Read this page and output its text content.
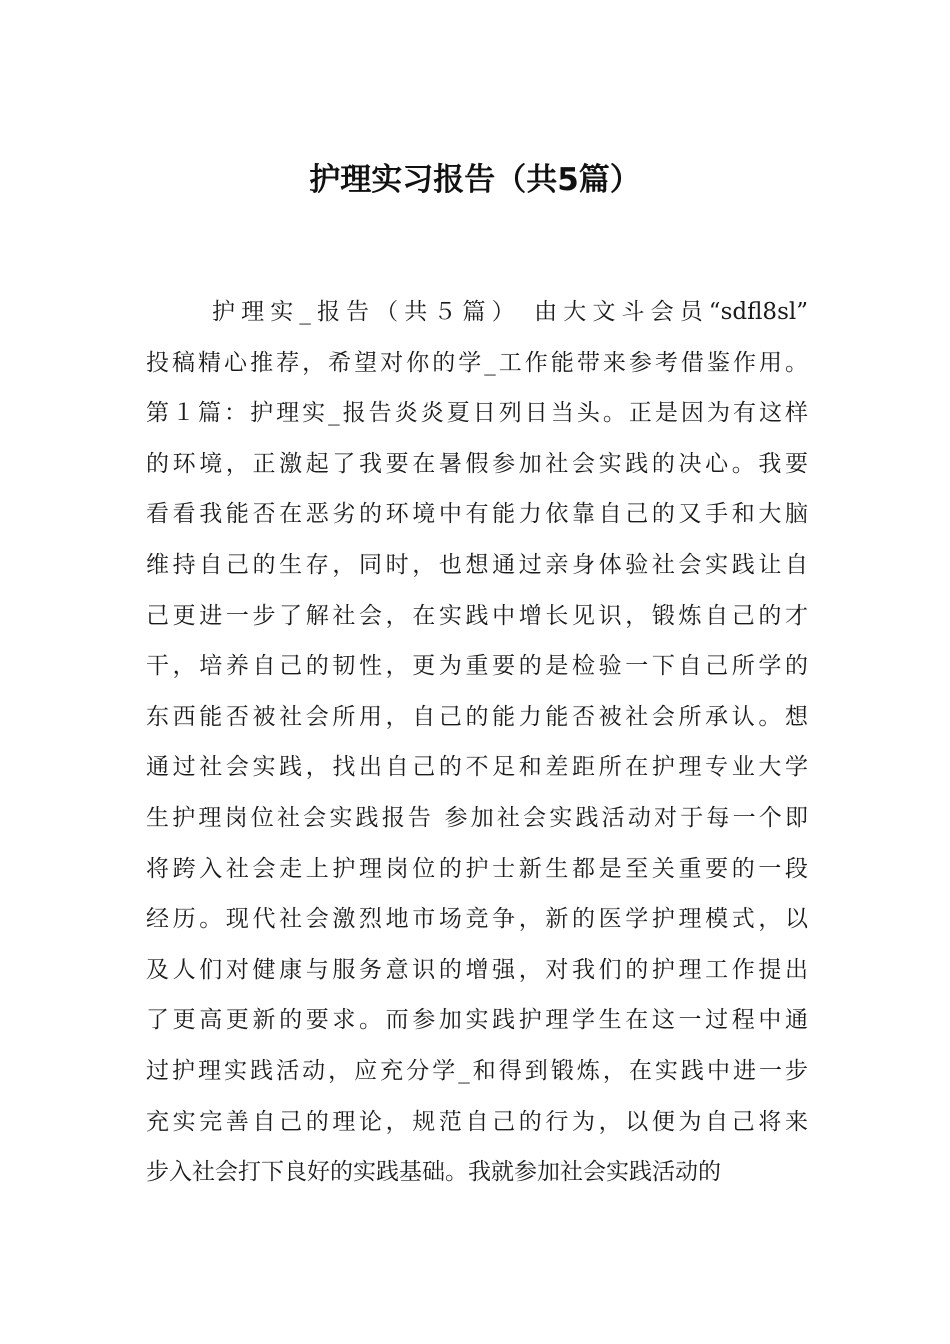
护理实习报告（共5篇）
护理实_报告（共５篇） 由大文斗会员“sdfl8sl”
投稿精心推荐，希望对你的学_工作能带来参考借鉴作用。
第１篇：护理实_报告炎炎夏日列日当头。正是因为有这样
的环境，正激起了我要在暑假参加社会实践的决心。我要
看看我能否在恶劣的环境中有能力依靠自己的又手和大脑
维持自己的生存，同时，也想通过亲身体验社会实践让自
己更进一步了解社会，在实践中增长见识，锻炼自己的才
干，培养自己的韧性，更为重要的是检验一下自己所学的
东西能否被社会所用，自己的能力能否被社会所承认。想
通过社会实践，找出自己的不足和差距所在护理专业大学
生护理岗位社会实践报告 参加社会实践活动对于每一个即
将跨入社会走上护理岗位的护士新生都是至关重要的一段
经历。现代社会激烈地市场竞争，新的医学护理模式，以
及人们对健康与服务意识的增强，对我们的护理工作提出
了更高更新的要求。而参加实践护理学生在这一过程中通
过护理实践活动，应充分学_和得到锻炼，在实践中进一步
充实完善自己的理论，规范自己的行为，以便为自己将来
步入社会打下良好的实践基础。我就参加社会实践活动的
